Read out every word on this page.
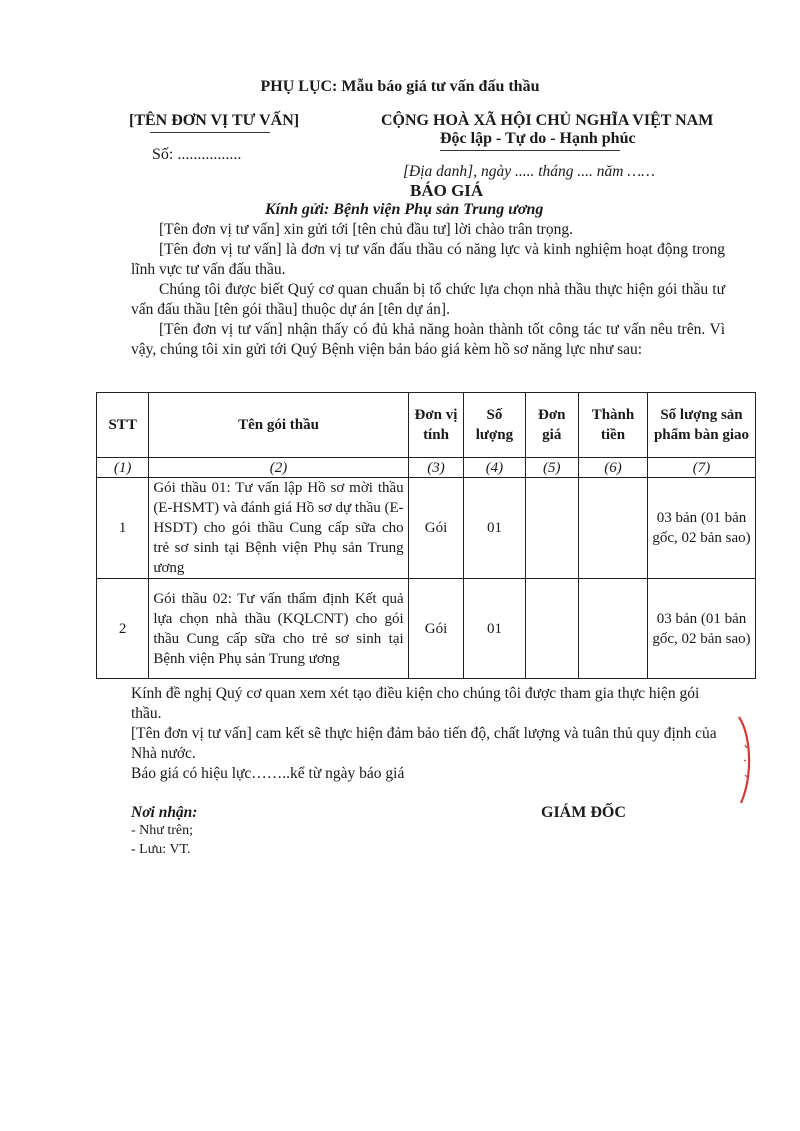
PHỤ LỤC: Mẫu báo giá tư vấn đấu thầu
[TÊN ĐƠN VỊ TƯ VẤN]
Số: ................
CỘNG HOÀ XÃ HỘI CHỦ NGHĨA VIỆT NAM
Độc lập - Tự do - Hạnh phúc
[Địa danh], ngày ..... tháng .... năm ……
BÁO GIÁ
Kính gửi: Bệnh viện Phụ sản Trung ương

[Tên đơn vị tư vấn] xin gửi tới [tên chủ đầu tư] lời chào trân trọng.

[Tên đơn vị tư vấn] là đơn vị tư vấn đấu thầu có năng lực và kinh nghiệm hoạt động trong lĩnh vực tư vấn đấu thầu.

Chúng tôi được biết Quý cơ quan chuẩn bị tổ chức lựa chọn nhà thầu thực hiện gói thầu tư vấn đấu thầu [tên gói thầu] thuộc dự án [tên dự án].

[Tên đơn vị tư vấn] nhận thấy có đủ khả năng hoàn thành tốt công tác tư vấn nêu trên. Vì vậy, chúng tôi xin gửi tới Quý Bệnh viện bản báo giá kèm hồ sơ năng lực như sau:

STT	Tên gói thầu	Đơn vị tính	Số lượng	Đơn giá	Thành tiền	Số lượng sản phẩm bàn giao
(1)	(2)	(3)	(4)	(5)	(6)	(7)
1	Gói thầu 01: Tư vấn lập Hồ sơ mời thầu (E-HSMT) và đánh giá Hồ sơ dự thầu (E-HSDT) cho gói thầu Cung cấp sữa cho trẻ sơ sinh tại Bệnh viện Phụ sản Trung ương	Gói	01			03 bản (01 bản gốc, 02 bản sao)
2	Gói thầu 02: Tư vấn thẩm định Kết quả lựa chọn nhà thầu (KQLCNT) cho gói thầu Cung cấp sữa cho trẻ sơ sinh tại Bệnh viện Phụ sản Trung ương	Gói	01			03 bản (01 bản gốc, 02 bản sao)

Kính đề nghị Quý cơ quan xem xét tạo điều kiện cho chúng tôi được tham gia thực hiện gói thầu.

[Tên đơn vị tư vấn] cam kết sẽ thực hiện đảm bảo tiến độ, chất lượng và tuân thủ quy định của Nhà nước.

Báo giá có hiệu lực……..kể từ ngày báo giá

Nơi nhận:
- Như trên;
- Lưu: VT.
GIÁM ĐỐC
